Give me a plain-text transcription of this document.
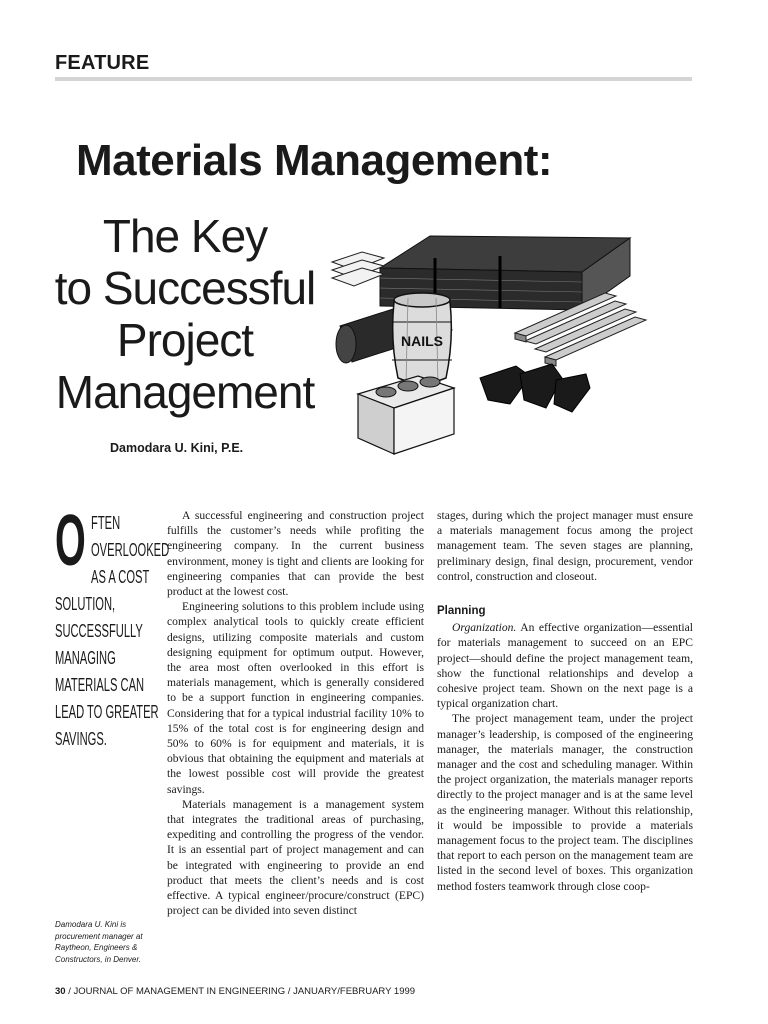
FEATURE
Materials Management:
The Key
to Successful
Project
Management
Damodara U. Kini, P.E.
NAILS
O FTEN
OVERLOOKED
AS A COST
SOLUTION,
SUCCESSFULLY
MANAGING
MATERIALS CAN
LEAD TO GREATER
SAVINGS.
Damodara U. Kini is procurement manager at Raytheon, Engineers & Constructors, in Denver.

A successful engineering and construction project fulfills the customer’s needs while profiting the engineering company. In the current business environment, money is tight and clients are looking for engineering companies that can provide the best product at the lowest cost.

Engineering solutions to this problem include using complex analytical tools to quickly create efficient designs, utilizing composite materials and custom designing equipment for optimum output. However, the area most often overlooked in this effort is materials management, which is generally considered to be a support function in engineering companies. Considering that for a typical industrial facility 10% to 15% of the total cost is for engineering design and 50% to 60% is for equipment and materials, it is obvious that obtaining the equipment and materials at the lowest possible cost will provide the greatest savings.

Materials management is a management system that integrates the traditional areas of purchasing, expediting and controlling the progress of the vendor. It is an essential part of project management and can be integrated with engineering to provide an end product that meets the client’s needs and is cost effective. A typical engineer/procure/construct (EPC) project can be divided into seven distinct

stages, during which the project manager must ensure a materials management focus among the project management team. The seven stages are planning, preliminary design, final design, procurement, vendor control, construction and closeout.

Planning

Organization. An effective organization—essential for materials management to succeed on an EPC project—should define the project management team, show the functional relationships and develop a cohesive project team. Shown on the next page is a typical organization chart.

The project management team, under the project manager’s leadership, is composed of the engineering manager, the materials manager, the construction manager and the cost and scheduling manager. Within the project organization, the materials manager reports directly to the project manager and is at the same level as the engineering manager. Without this relationship, it would be impossible to provide a materials management focus to the project team. The disciplines that report to each person on the management team are listed in the second level of boxes. This organization method fosters teamwork through close coop-

30 / JOURNAL OF MANAGEMENT IN ENGINEERING / JANUARY/FEBRUARY 1999
